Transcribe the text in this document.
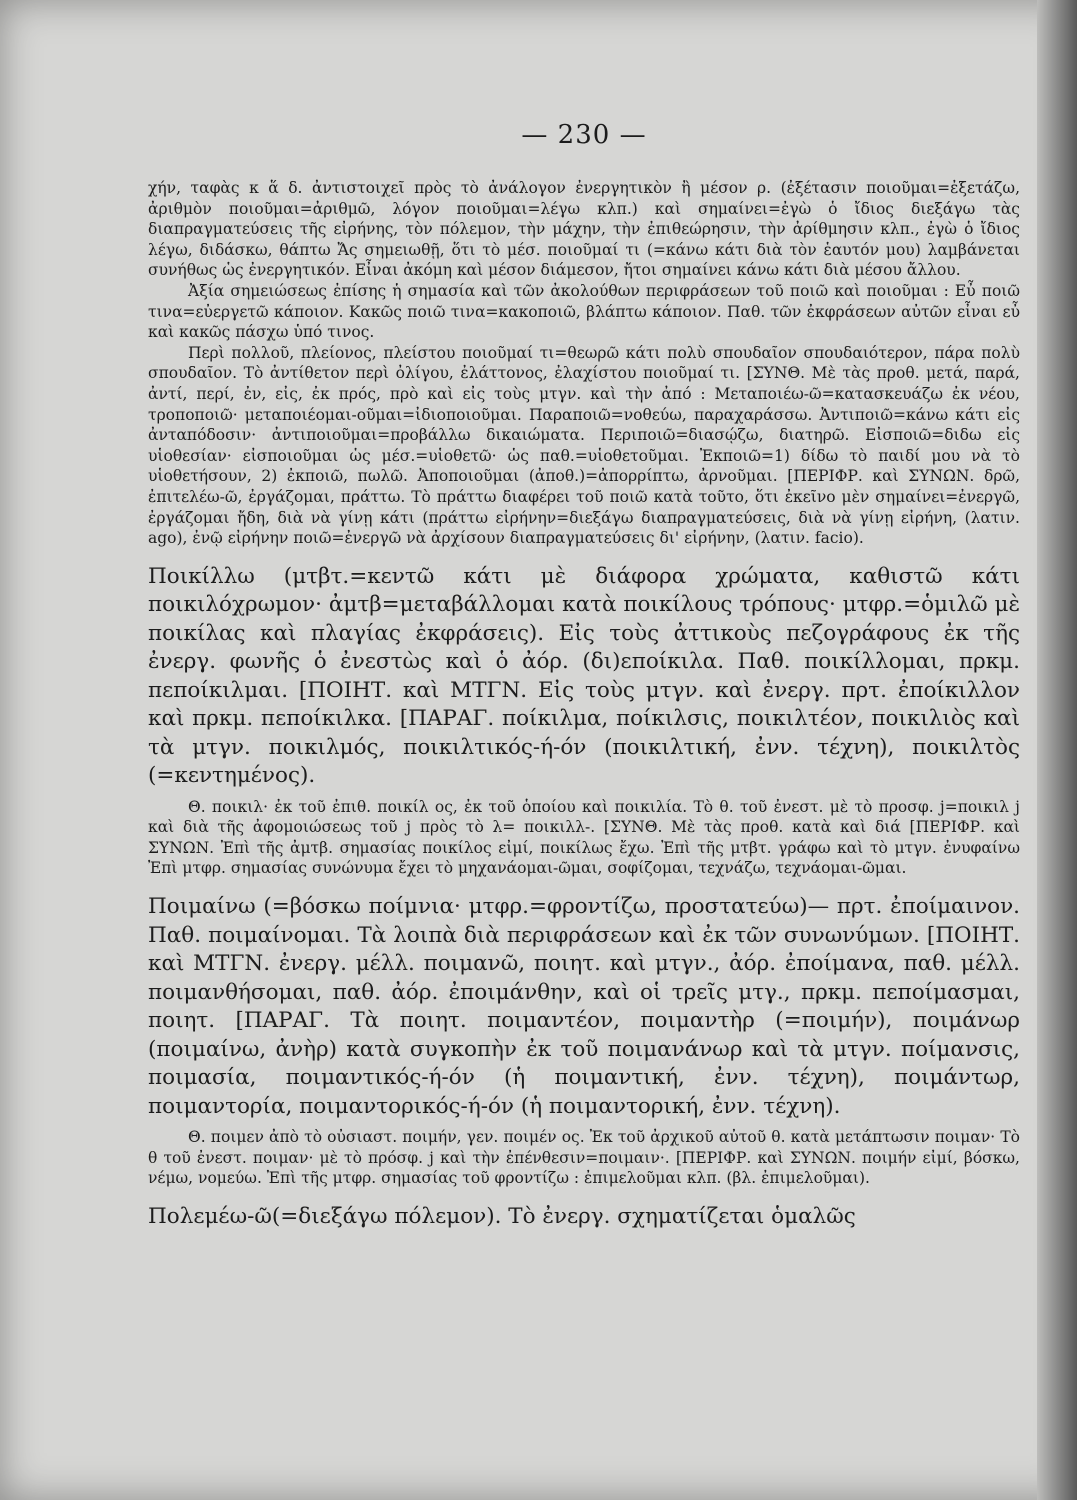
— 230 —

χήν, ταφὰς κ ἅ δ. ἀντιστοιχεῖ πρὸς τὸ ἀνάλογον ἐνεργητικὸν ἢ μέσον ρ. (ἐξέτασιν ποιοῦμαι=ἐξετάζω, ἀριθμὸν ποιοῦμαι=ἀριθμῶ, λόγον ποιοῦμαι=λέγω κλπ.) καὶ σημαίνει=ἐγὼ ὁ ἴδιος διεξάγω τὰς διαπραγματεύσεις τῆς εἰρήνης, τὸν πόλεμον, τὴν μάχην, τὴν ἐπιθεώρησιν, τὴν ἀρίθμησιν κλπ., ἐγὼ ὁ ἴδιος λέγω, διδάσκω, θάπτω Ἄς σημειωθῇ, ὅτι τὸ μέσ. ποιοῦμαί τι (=κάνω κάτι διὰ τὸν ἑαυτόν μου) λαμβάνεται συνήθως ὡς ἐνεργητικόν. Εἶναι ἀκόμη καὶ μέσον διάμεσον, ἤτοι σημαίνει κάνω κάτι διὰ μέσου ἄλλου.

Ἀξία σημειώσεως ἐπίσης ἡ σημασία καὶ τῶν ἀκολούθων περιφράσεων τοῦ ποιῶ καὶ ποιοῦμαι : Εὖ ποιῶ τινα=εὐεργετῶ κάποιον. Κακῶς ποιῶ τινα=κακοποιῶ, βλάπτω κάποιον. Παθ. τῶν ἐκφράσεων αὐτῶν εἶναι εὖ καὶ κακῶς πάσχω ὑπό τινος.

Περὶ πολλοῦ, πλείονος, πλείστου ποιοῦμαί τι=θεωρῶ κάτι πολὺ σπουδαῖον σπουδαιότερον, πάρα πολὺ σπουδαῖον. Τὸ ἀντίθετον περὶ ὀλίγου, ἐλάττονος, ἐλαχίστου ποιοῦμαί τι. [ΣΥΝΘ. Μὲ τὰς προθ. μετά, παρά, ἀντί, περί, ἐν, εἰς, ἐκ πρός, πρὸ καὶ εἰς τοὺς μτγν. καὶ τὴν ἀπό : Μεταποιέω-ῶ=κατασκευάζω ἐκ νέου, τροποποιῶ· μεταποιέομαι-οῦμαι=ἰδιοποιοῦμαι. Παραποιῶ=νοθεύω, παραχαράσσω. Ἀντιποιῶ=κάνω κάτι εἰς ἀνταπόδοσιν· ἀντιποιοῦμαι=προβάλλω δικαιώματα. Περιποιῶ=διασῴζω, διατηρῶ. Εἰσποιῶ=διδω εἰς υἱοθεσίαν· εἰσποιοῦμαι ὡς μέσ.=υἱοθετῶ· ὡς παθ.=υἱοθετοῦμαι. Ἐκποιῶ=1) δίδω τὸ παιδί μου νὰ τὸ υἱοθετήσουν, 2) ἐκποιῶ, πωλῶ. Ἀποποιοῦμαι (ἀποθ.)=ἀπορρίπτω, ἀρνοῦμαι. [ΠΕΡΙΦΡ. καὶ ΣΥΝΩΝ. δρῶ, ἐπιτελέω-ῶ, ἐργάζομαι, πράττω. Τὸ πράττω διαφέρει τοῦ ποιῶ κατὰ τοῦτο, ὅτι ἐκεῖνο μὲν σημαίνει=ἐνεργῶ, ἐργάζομαι ἤδη, διὰ νὰ γίνῃ κάτι (πράττω εἰρήνην=διεξάγω διαπραγματεύσεις, διὰ νὰ γίνῃ εἰρήνη, (λατιν. ago), ἐνῷ εἰρήνην ποιῶ=ἐνεργῶ νὰ ἀρχίσουν διαπραγματεύσεις δι' εἰρήνην, (λατιν. facio).

Ποικίλλω (μτβτ.=κεντῶ κάτι μὲ διάφορα χρώματα, καθιστῶ κάτι ποικιλόχρωμον· ἀμτβ=μεταβάλλομαι κατὰ ποικίλους τρόπους· μτφρ.=ὁμιλῶ μὲ ποικίλας καὶ πλαγίας ἐκφράσεις). Εἰς τοὺς ἀττικοὺς πεζογράφους ἐκ τῆς ἐνεργ. φωνῆς ὁ ἐνεστὼς καὶ ὁ ἀόρ. (δι)εποίκιλα. Παθ. ποικίλλομαι, πρκμ. πεποίκιλμαι. [ΠΟΙΗΤ. καὶ ΜΤΓΝ. Εἰς τοὺς μτγν. καὶ ἐνεργ. πρτ. ἐποίκιλλον καὶ πρκμ. πεποίκιλκα. [ΠΑΡΑΓ. ποίκιλμα, ποίκιλσις, ποικιλτέον, ποικιλιὸς καὶ τὰ μτγν. ποικιλμός, ποικιλτικός-ή-όν (ποικιλτική, ἐνν. τέχνη), ποικιλτὸς (=κεντημένος).

Θ. ποικιλ· ἐκ τοῦ ἐπιθ. ποικίλ ος, ἐκ τοῦ ὁποίου καὶ ποικιλία. Τὸ θ. τοῦ ἐνεστ. μὲ τὸ προσφ. j=ποικιλ j καὶ διὰ τῆς ἀφομοιώσεως τοῦ j πρὸς τὸ λ= ποικιλλ-. [ΣΥΝΘ. Μὲ τὰς προθ. κατὰ καὶ διά [ΠΕΡΙΦΡ. καὶ ΣΥΝΩΝ. Ἐπὶ τῆς ἀμτβ. σημασίας ποικίλος εἰμί, ποικίλως ἔχω. Ἐπὶ τῆς μτβτ. γράφω καὶ τὸ μτγν. ἐνυφαίνω Ἐπὶ μτφρ. σημασίας συνώνυμα ἔχει τὸ μηχανάομαι-ῶμαι, σοφίζομαι, τεχνάζω, τεχνάομαι-ῶμαι.

Ποιμαίνω (=βόσκω ποίμνια· μτφρ.=φροντίζω, προστατεύω)— πρτ. ἐποίμαινον. Παθ. ποιμαίνομαι. Τὰ λοιπὰ διὰ περιφράσεων καὶ ἐκ τῶν συνωνύμων. [ΠΟΙΗΤ. καὶ ΜΤΓΝ. ἐνεργ. μέλλ. ποιμανῶ, ποιητ. καὶ μτγν., ἀόρ. ἐποίμανα, παθ. μέλλ. ποιμανθήσομαι, παθ. ἀόρ. ἐποιμάνθην, καὶ οἱ τρεῖς μτγ., πρκμ. πεποίμασμαι, ποιητ. [ΠΑΡΑΓ. Τὰ ποιητ. ποιμαντέον, ποιμαντὴρ (=ποιμήν), ποιμάνωρ (ποιμαίνω, ἀνὴρ) κατὰ συγκοπὴν ἐκ τοῦ ποιμανάνωρ καὶ τὰ μτγν. ποίμανσις, ποιμασία, ποιμαντικός-ή-όν (ἡ ποιμαντική, ἐνν. τέχνη), ποιμάντωρ, ποιμαντορία, ποιμαντορικός-ή-όν (ἡ ποιμαντορική, ἐνν. τέχνη).

Θ. ποιμεν ἀπὸ τὸ οὐσιαστ. ποιμήν, γεν. ποιμέν ος. Ἐκ τοῦ ἀρχικοῦ αὐτοῦ θ. κατὰ μετάπτωσιν ποιμαν· Τὸ θ τοῦ ἐνεστ. ποιμαν· μὲ τὸ πρόσφ. j καὶ τὴν ἐπένθεσιν=ποιμαιν·. [ΠΕΡΙΦΡ. καὶ ΣΥΝΩΝ. ποιμήν εἰμί, βόσκω, νέμω, νομεύω. Ἐπὶ τῆς μτφρ. σημασίας τοῦ φροντίζω : ἐπιμελοῦμαι κλπ. (βλ. ἐπιμελοῦμαι).

Πολεμέω-ῶ(=διεξάγω πόλεμον). Τὸ ἐνεργ. σχηματίζεται ὁμαλῶς
